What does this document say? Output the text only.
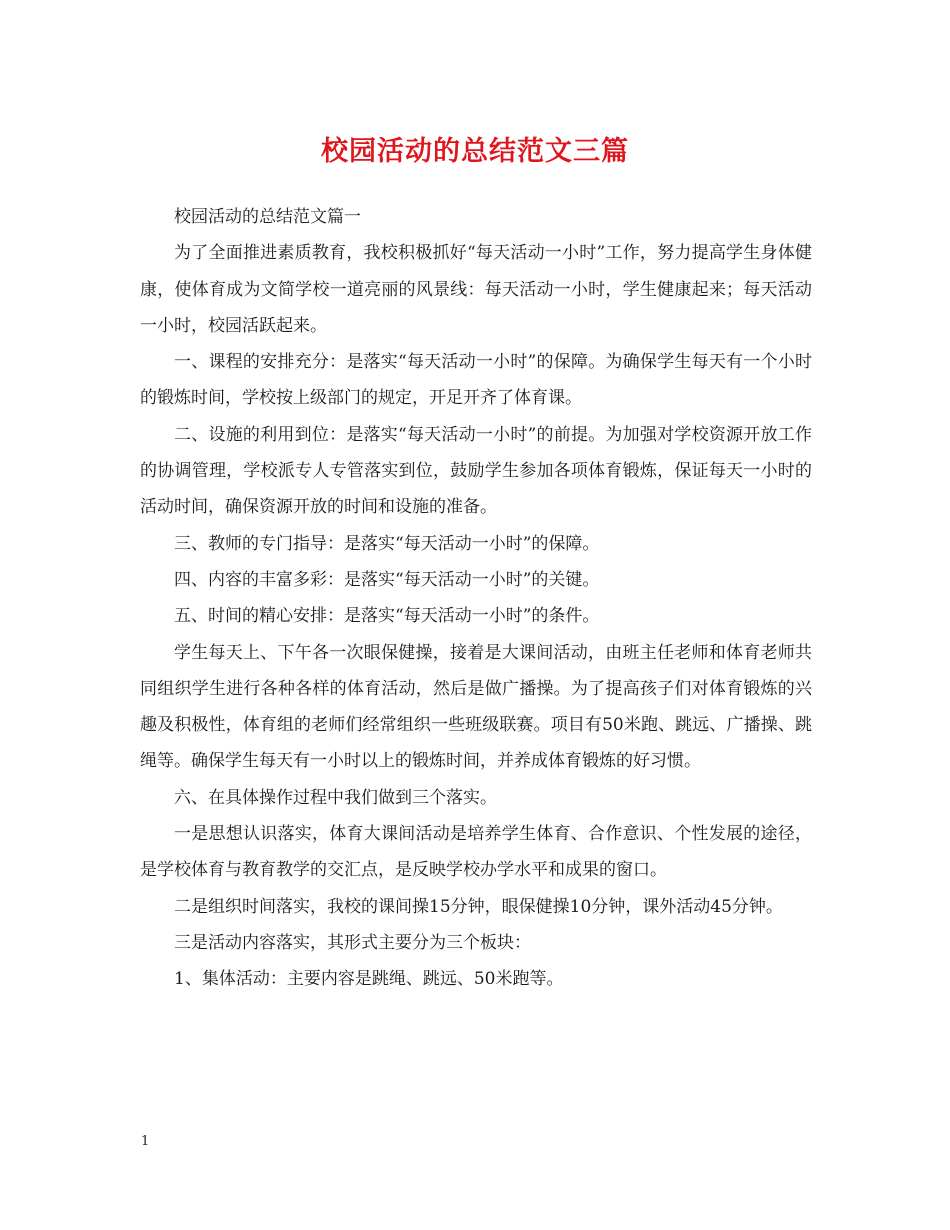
校园活动的总结范文三篇

校园活动的总结范文篇一

为了全面推进素质教育，我校积极抓好“每天活动一小时”工作，努力提高学生身体健康，使体育成为文简学校一道亮丽的风景线：每天活动一小时，学生健康起来；每天活动一小时，校园活跃起来。

一、课程的安排充分：是落实“每天活动一小时”的保障。为确保学生每天有一个小时的锻炼时间，学校按上级部门的规定，开足开齐了体育课。

二、设施的利用到位：是落实“每天活动一小时”的前提。为加强对学校资源开放工作的协调管理，学校派专人专管落实到位，鼓励学生参加各项体育锻炼，保证每天一小时的活动时间，确保资源开放的时间和设施的准备。

三、教师的专门指导：是落实“每天活动一小时”的保障。

四、内容的丰富多彩：是落实“每天活动一小时”的关键。

五、时间的精心安排：是落实“每天活动一小时”的条件。

学生每天上、下午各一次眼保健操，接着是大课间活动，由班主任老师和体育老师共同组织学生进行各种各样的体育活动，然后是做广播操。为了提高孩子们对体育锻炼的兴趣及积极性，体育组的老师们经常组织一些班级联赛。项目有50米跑、跳远、广播操、跳绳等。确保学生每天有一小时以上的锻炼时间，并养成体育锻炼的好习惯。

六、在具体操作过程中我们做到三个落实。

一是思想认识落实，体育大课间活动是培养学生体育、合作意识、个性发展的途径，是学校体育与教育教学的交汇点，是反映学校办学水平和成果的窗口。

二是组织时间落实，我校的课间操15分钟，眼保健操10分钟，课外活动45分钟。

三是活动内容落实，其形式主要分为三个板块：

1、集体活动：主要内容是跳绳、跳远、50米跑等。

1
